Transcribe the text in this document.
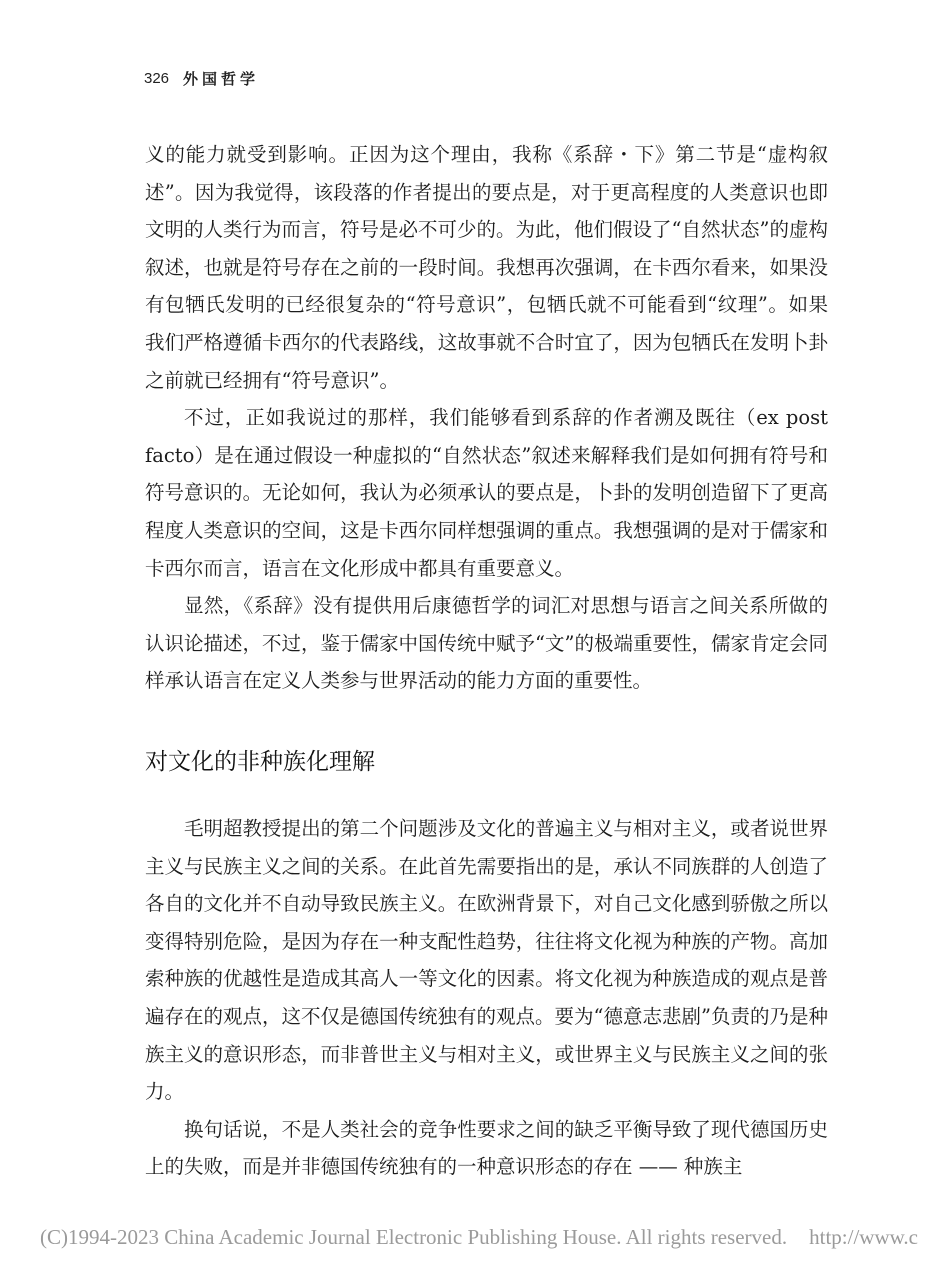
326 外国哲学

义的能力就受到影响。正因为这个理由，我称《系辞・下》第二节是“虚构叙述”。因为我觉得，该段落的作者提出的要点是，对于更高程度的人类意识也即文明的人类行为而言，符号是必不可少的。为此，他们假设了“自然状态”的虚构叙述，也就是符号存在之前的一段时间。我想再次强调，在卡西尔看来，如果没有包牺氏发明的已经很复杂的“符号意识”，包牺氏就不可能看到“纹理”。如果我们严格遵循卡西尔的代表路线，这故事就不合时宜了，因为包牺氏在发明卜卦之前就已经拥有“符号意识”。

不过，正如我说过的那样，我们能够看到系辞的作者溯及既往（ex post facto）是在通过假设一种虚拟的“自然状态”叙述来解释我们是如何拥有符号和符号意识的。无论如何，我认为必须承认的要点是，卜卦的发明创造留下了更高程度人类意识的空间，这是卡西尔同样想强调的重点。我想强调的是对于儒家和卡西尔而言，语言在文化形成中都具有重要意义。

显然，《系辞》没有提供用后康德哲学的词汇对思想与语言之间关系所做的认识论描述，不过，鉴于儒家中国传统中赋予“文”的极端重要性，儒家肯定会同样承认语言在定义人类参与世界活动的能力方面的重要性。

对文化的非种族化理解

毛明超教授提出的第二个问题涉及文化的普遍主义与相对主义，或者说世界主义与民族主义之间的关系。在此首先需要指出的是，承认不同族群的人创造了各自的文化并不自动导致民族主义。在欧洲背景下，对自己文化感到骄傲之所以变得特别危险，是因为存在一种支配性趋势，往往将文化视为种族的产物。高加索种族的优越性是造成其高人一等文化的因素。将文化视为种族造成的观点是普遍存在的观点，这不仅是德国传统独有的观点。要为“德意志悲剧”负责的乃是种族主义的意识形态，而非普世主义与相对主义，或世界主义与民族主义之间的张力。

换句话说，不是人类社会的竞争性要求之间的缺乏平衡导致了现代德国历史上的失败，而是并非德国传统独有的一种意识形态的存在 —— 种族主

(C)1994-2023 China Academic Journal Electronic Publishing House. All rights reserved. http://www.c
